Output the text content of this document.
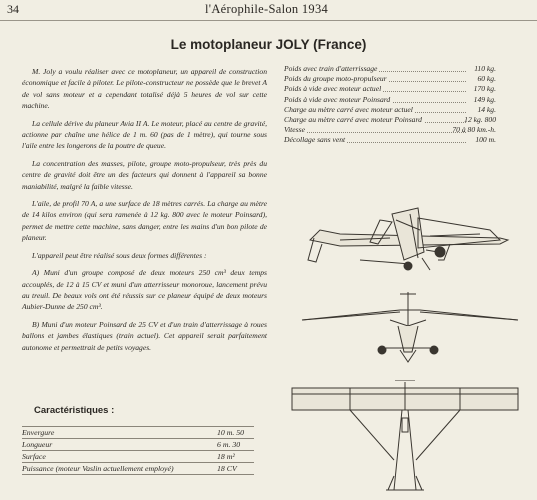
34	l'Aérophile-Salon 1934
Le motoplaneur JOLY (France)

M. Joly a voulu réaliser avec ce motoplaneur, un appareil de construction économique et facile à piloter. Le pilote-constructeur ne possède que le brevet A de vol sans moteur et a cependant totalisé déjà 5 heures de vol sur cette machine.

La cellule dérive du planeur Avia II A. Le moteur, placé au centre de gravité, actionne par chaîne une hélice de 1 m. 60 (pas de 1 mètre), qui tourne sous l'aile entre les longerons de la poutre de queue.

La concentration des masses, pilote, groupe moto-propulseur, très près du centre de gravité doit être un des facteurs qui donnent à l'appareil sa bonne maniabilité, malgré la faible vitesse.

L'aile, de profil 70 A, a une surface de 18 mètres carrés. La charge au mètre de 14 kilos environ (qui sera ramenée à 12 kg. 800 avec le moteur Poinsard), permet de mettre cette machine, sans danger, entre les mains d'un bon pilote de planeur.

L'appareil peut être réalisé sous deux formes différentes :

A) Muni d'un groupe composé de deux moteurs 250 cm³ deux temps accouplés, de 12 à 15 CV et muni d'un atterrisseur monoroue, lancement prévu au treuil. De beaux vols ont été réussis sur ce planeur équipé de deux moteurs Aubier-Dunne de 250 cm³.

B) Muni d'un moteur Poinsard de 25 CV et d'un train d'atterrissage à roues ballons et jambes élastiques (train actuel). Cet appareil serait parfaitement autonome et permettrait de petits voyages.

Caractéristiques :
Envergure	10 m. 50
Longueur	6 m. 30
Surface	18 m²
Puissance (moteur Vaslin actuellement employé)	18 CV
Poids avec train d'atterrissage	110 kg.
Poids du groupe moto-propulseur	60 kg.
Poids à vide avec moteur actuel	170 kg.
Poids à vide avec moteur Poinsard	149 kg.
Charge au mètre carré avec moteur actuel	14 kg.
Charge au mètre carré avec moteur Poinsard	12 kg. 800
Vitesse	70 à 80 km.-h.
Décollage sans vent	100 m.
